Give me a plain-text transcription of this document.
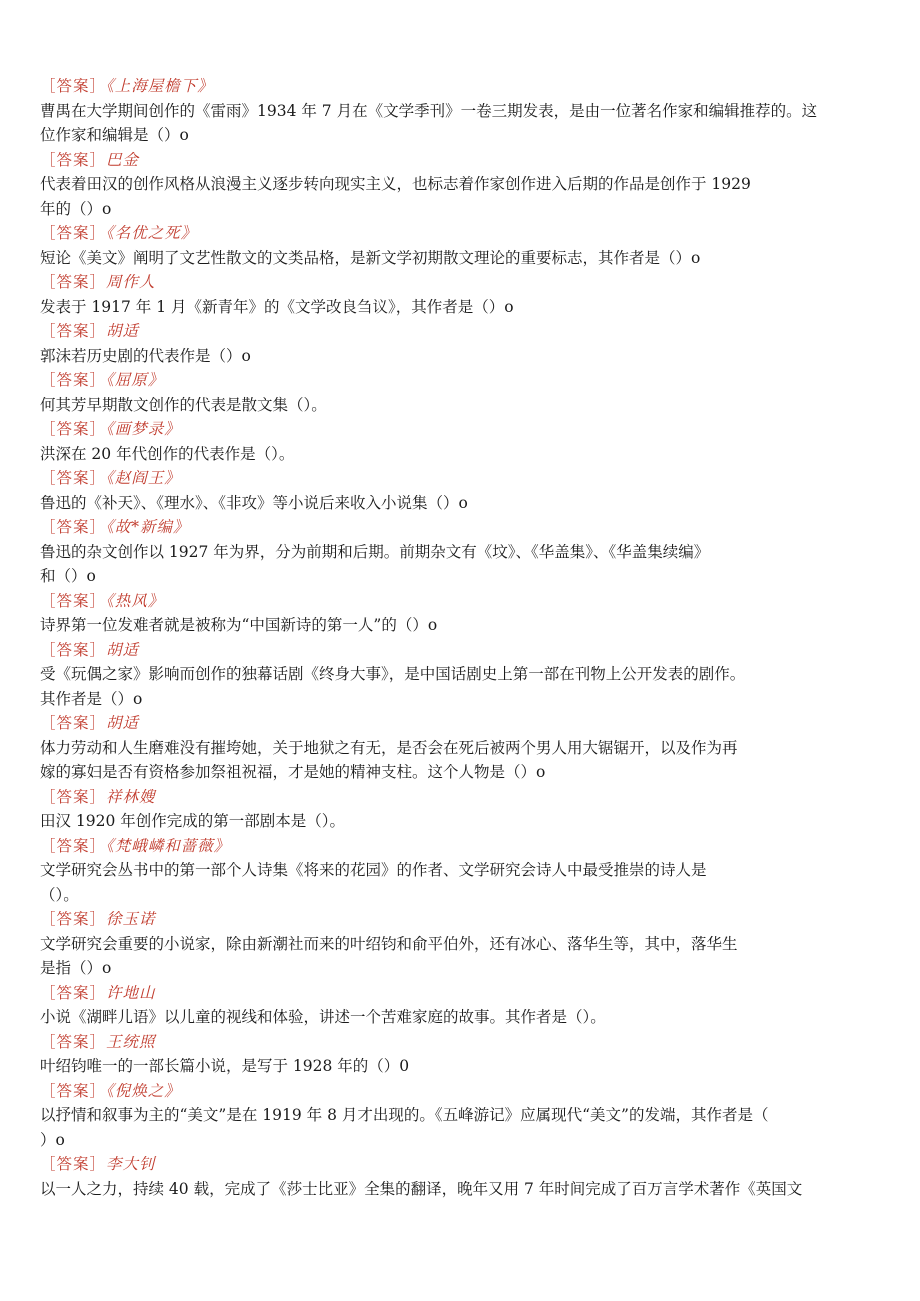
［答案］《上海屋檐下》

曹禺在大学期间创作的《雷雨》1934 年 7 月在《文学季刊》一卷三期发表，是由一位著名作家和编辑推荐的。这

位作家和编辑是（）o

［答案］巴金

代表着田汉的创作风格从浪漫主义逐步转向现实主义，也标志着作家创作进入后期的作品是创作于 1929

年的（）o

［答案］《名优之死》

短论《美文》阐明了文艺性散文的文类品格，是新文学初期散文理论的重要标志，其作者是（）o

［答案］周作人

发表于 1917 年 1 月《新青年》的《文学改良刍议》，其作者是（）o

［答案］胡适

郭沫若历史剧的代表作是（）o

［答案］《屈原》

何其芳早期散文创作的代表是散文集（）。

［答案］《画梦录》

洪深在 20 年代创作的代表作是（）。

［答案］《赵阎王》

鲁迅的《补天》、《理水》、《非攻》等小说后来收入小说集（）o

［答案］《故*新编》

鲁迅的杂文创作以 1927 年为界，分为前期和后期。前期杂文有《坟》、《华盖集》、《华盖集续编》

和（）o

［答案］《热风》

诗界第一位发难者就是被称为“中国新诗的第一人”的（）o

［答案］胡适

受《玩偶之家》影响而创作的独幕话剧《终身大事》，是中国话剧史上第一部在刊物上公开发表的剧作。

其作者是（）o

［答案］胡适

体力劳动和人生磨难没有摧垮她，关于地狱之有无，是否会在死后被两个男人用大锯锯开，以及作为再

嫁的寡妇是否有资格参加祭祖祝福，才是她的精神支柱。这个人物是（）o

［答案］祥林嫂

田汉 1920 年创作完成的第一部剧本是（）。

［答案］《梵峨嶙和蔷薇》

文学研究会丛书中的第一部个人诗集《将来的花园》的作者、文学研究会诗人中最受推崇的诗人是

（）。

［答案］徐玉诺

文学研究会重要的小说家，除由新潮社而来的叶绍钧和俞平伯外，还有冰心、落华生等，其中，落华生

是指（）o

［答案］许地山

小说《湖畔儿语》以儿童的视线和体验，讲述一个苦难家庭的故事。其作者是（）。

［答案］王统照

叶绍钧唯一的一部长篇小说，是写于 1928 年的（）0

［答案］《倪焕之》

以抒情和叙事为主的“美文”是在 1919 年 8 月才出现的。《五峰游记》应属现代“美文”的发端，其作者是（

）o

［答案］李大钊

以一人之力，持续 40 载，完成了《莎士比亚》全集的翻译，晚年又用 7 年时间完成了百万言学术著作《英国文
